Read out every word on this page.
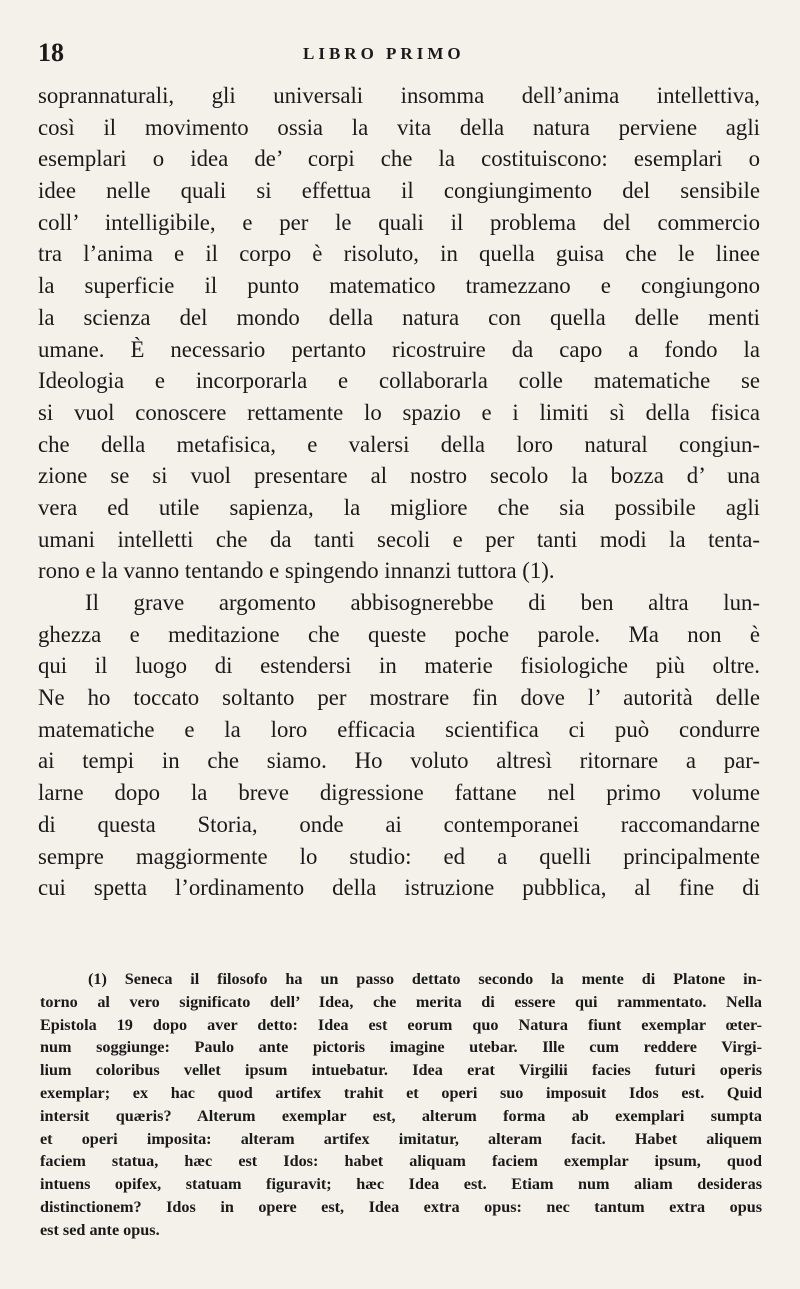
18	LIBRO PRIMO

soprannaturali, gli universali insomma dell’anima intellettiva,
così il movimento ossia la vita della natura perviene agli
esemplari o idea de’ corpi che la costituiscono: esemplari o
idee nelle quali si effettua il congiungimento del sensibile
coll’ intelligibile, e per le quali il problema del commercio
tra l’anima e il corpo è risoluto, in quella guisa che le linee
la superficie il punto matematico tramezzano e congiungono
la scienza del mondo della natura con quella delle menti
umane. È necessario pertanto ricostruire da capo a fondo la
Ideologia e incorporarla e collaborarla colle matematiche se
si vuol conoscere rettamente lo spazio e i limiti sì della fisica
che della metafisica, e valersi della loro natural congiun-
zione se si vuol presentare al nostro secolo la bozza d’ una
vera ed utile sapienza, la migliore che sia possibile agli
umani intelletti che da tanti secoli e per tanti modi la tenta-
rono e la vanno tentando e spingendo innanzi tuttora (1).

Il grave argomento abbisognerebbe di ben altra lun-
ghezza e meditazione che queste poche parole. Ma non è
qui il luogo di estendersi in materie fisiologiche più oltre.
Ne ho toccato soltanto per mostrare fin dove l’ autorità delle
matematiche e la loro efficacia scientifica ci può condurre
ai tempi in che siamo. Ho voluto altresì ritornare a par-
larne dopo la breve digressione fattane nel primo volume
di questa Storia, onde ai contemporanei raccomandarne
sempre maggiormente lo studio: ed a quelli principalmente
cui spetta l’ordinamento della istruzione pubblica, al fine di

(1) Seneca il filosofo ha un passo dettato secondo la mente di Platone in-
torno al vero significato dell’ Idea, che merita di essere qui rammentato. Nella
Epistola 19 dopo aver detto: Idea est eorum quo Natura fiunt exemplar œter-
num soggiunge: Paulo ante pictoris imagine utebar. Ille cum reddere Virgi-
lium coloribus vellet ipsum intuebatur. Idea erat Virgilii facies futuri operis
exemplar; ex hac quod artifex trahit et operi suo imposuit Idos est. Quid
intersit quæris? Alterum exemplar est, alterum forma ab exemplari sumpta
et operi imposita: alteram artifex imitatur, alteram facit. Habet aliquem
faciem statua, hæc est Idos: habet aliquam faciem exemplar ipsum, quod
intuens opifex, statuam figuravit; hæc Idea est. Etiam num aliam desideras
distinctionem? Idos in opere est, Idea extra opus: nec tantum extra opus
est sed ante opus.
